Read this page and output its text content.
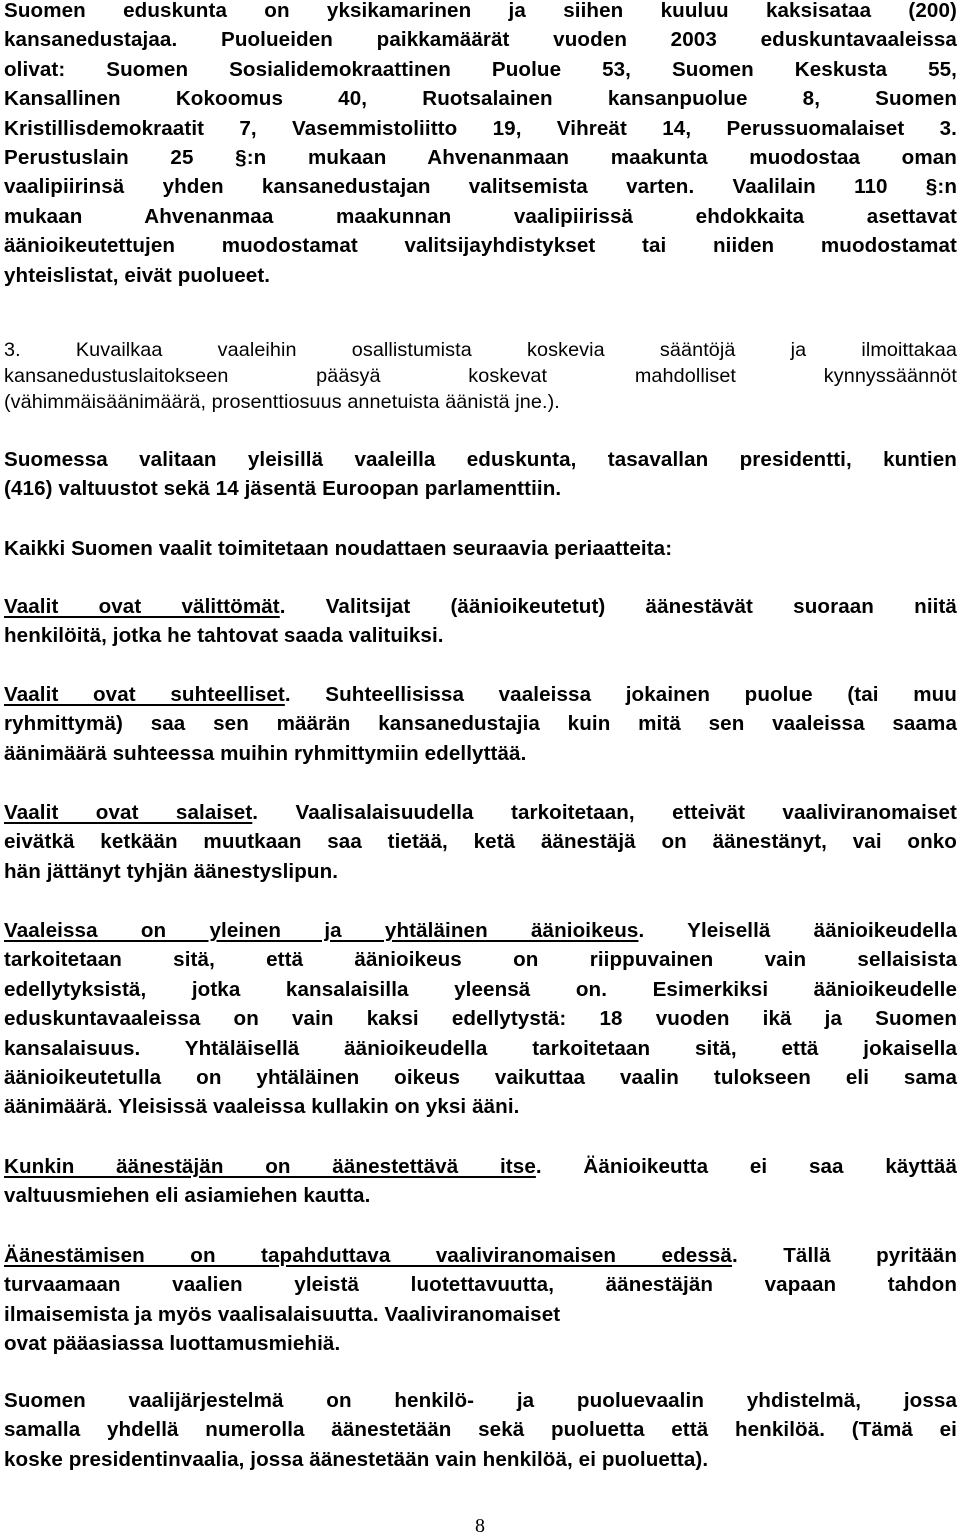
Suomen eduskunta on yksikamarinen ja siihen kuuluu kaksisataa (200)
kansanedustajaa. Puolueiden paikkamäärät vuoden 2003 eduskuntavaaleissa
olivat: Suomen Sosialidemokraattinen Puolue 53, Suomen Keskusta 55,
Kansallinen Kokoomus 40, Ruotsalainen kansanpuolue 8, Suomen
Kristillisdemokraatit 7, Vasemmistoliitto 19, Vihreät 14, Perussuomalaiset 3.
Perustuslain 25 §:n mukaan Ahvenanmaan maakunta muodostaa oman
vaalipiirinsä yhden kansanedustajan valitsemista varten. Vaalilain 110 §:n
mukaan Ahvenanmaa maakunnan vaalipiirissä ehdokkaita asettavat
äänioikeutettujen muodostamat valitsijayhdistykset tai niiden muodostamat
yhteislistat, eivät puolueet.
3. Kuvailkaa vaaleihin osallistumista koskevia sääntöjä ja ilmoittakaa
kansanedustuslaitokseen pääsyä koskevat mahdolliset kynnyssäännöt
(vähimmäisäänimäärä, prosenttiosuus annetuista äänistä jne.).
Suomessa valitaan yleisillä vaaleilla eduskunta, tasavallan presidentti, kuntien
(416) valtuustot sekä 14 jäsentä Euroopan parlamenttiin.
Kaikki Suomen vaalit toimitetaan noudattaen seuraavia periaatteita:
Vaalit ovat välittömät. Valitsijat (äänioikeutetut) äänestävät suoraan niitä
henkilöitä, jotka he tahtovat saada valituiksi.
Vaalit ovat suhteelliset. Suhteellisissa vaaleissa jokainen puolue (tai muu
ryhmittymä) saa sen määrän kansanedustajia kuin mitä sen vaaleissa saama
äänimäärä suhteessa muihin ryhmittymiin edellyttää.
Vaalit ovat salaiset. Vaalisalaisuudella tarkoitetaan, etteivät vaaliviranomaiset
eivätkä ketkään muutkaan saa tietää, ketä äänestäjä on äänestänyt, vai onko
hän jättänyt tyhjän äänestyslipun.
Vaaleissa on yleinen ja yhtäläinen äänioikeus. Yleisellä äänioikeudella
tarkoitetaan sitä, että äänioikeus on riippuvainen vain sellaisista
edellytyksistä, jotka kansalaisilla yleensä on. Esimerkiksi äänioikeudelle
eduskuntavaaleissa on vain kaksi edellytystä: 18 vuoden ikä ja Suomen
kansalaisuus. Yhtäläisellä äänioikeudella tarkoitetaan sitä, että jokaisella
äänioikeutetulla on yhtäläinen oikeus vaikuttaa vaalin tulokseen eli sama
äänimäärä. Yleisissä vaaleissa kullakin on yksi ääni.
Kunkin äänestäjän on äänestettävä itse. Äänioikeutta ei saa käyttää
valtuusmiehen eli asiamiehen kautta.
Äänestämisen on tapahduttava vaaliviranomaisen edessä. Tällä pyritään
turvaamaan vaalien yleistä luotettavuutta, äänestäjän vapaan tahdon
ilmaisemista ja myös vaalisalaisuutta. Vaaliviranomaiset
ovat pääasiassa luottamusmiehiä.
Suomen vaalijärjestelmä on henkilö- ja puoluevaalin yhdistelmä, jossa
samalla yhdellä numerolla äänestetään sekä puoluetta että henkilöä. (Tämä ei
koske presidentinvaalia, jossa äänestetään vain henkilöä, ei puoluetta).
8
